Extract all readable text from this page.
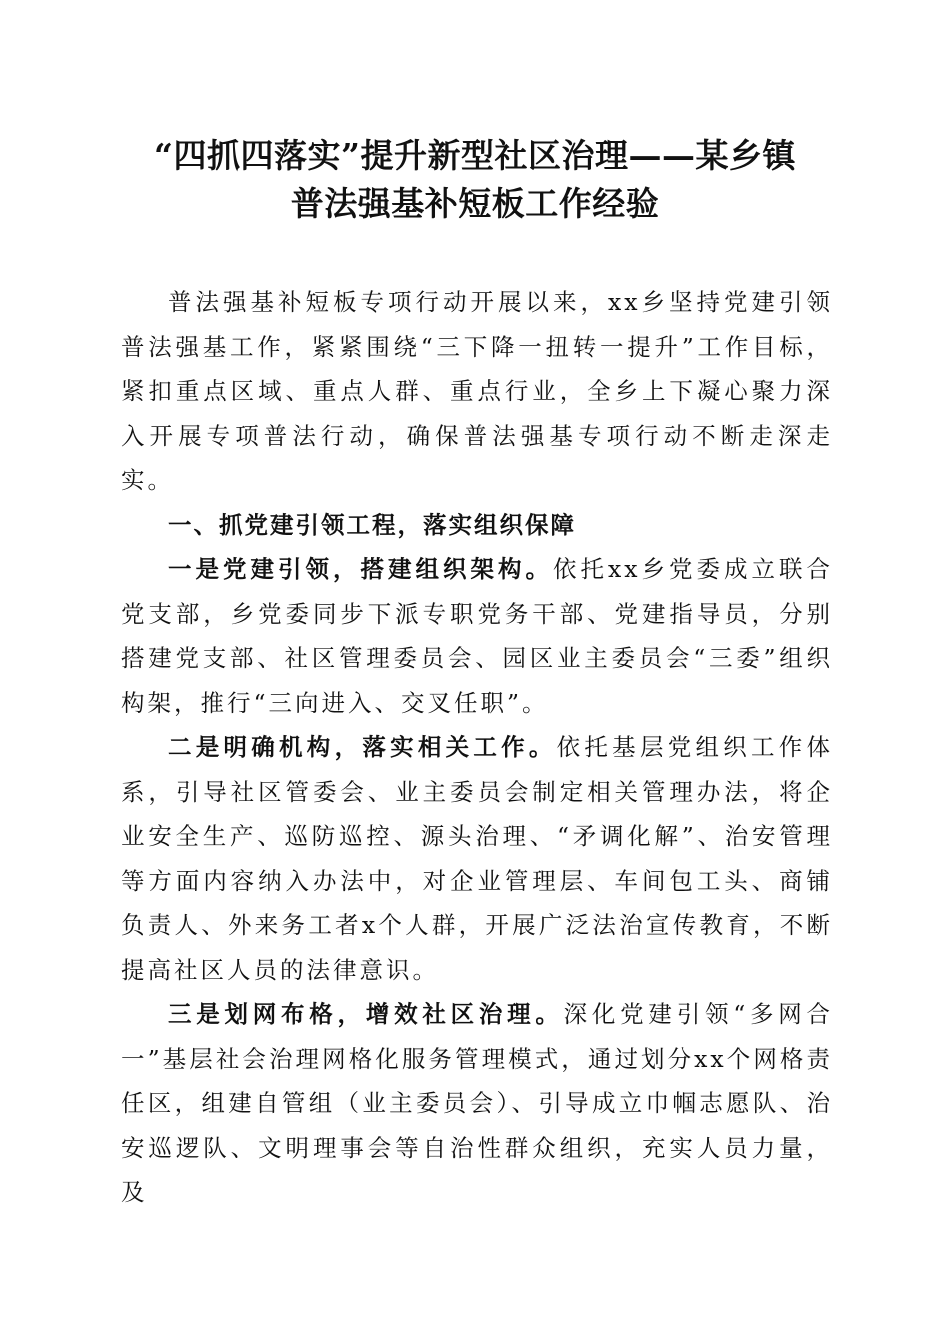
“四抓四落实”提升新型社区治理——某乡镇
普法强基补短板工作经验

普法强基补短板专项行动开展以来，xx乡坚持党建引领普法强基工作，紧紧围绕“三下降一扭转一提升”工作目标，紧扣重点区域、重点人群、重点行业，全乡上下凝心聚力深入开展专项普法行动，确保普法强基专项行动不断走深走实。

一、抓党建引领工程，落实组织保障

一是党建引领，搭建组织架构。依托xx乡党委成立联合党支部，乡党委同步下派专职党务干部、党建指导员，分别搭建党支部、社区管理委员会、园区业主委员会“三委”组织构架，推行“三向进入、交叉任职”。

二是明确机构，落实相关工作。依托基层党组织工作体系，引导社区管委会、业主委员会制定相关管理办法，将企业安全生产、巡防巡控、源头治理、“矛调化解”、治安管理等方面内容纳入办法中，对企业管理层、车间包工头、商铺负责人、外来务工者x个人群，开展广泛法治宣传教育，不断提高社区人员的法律意识。

三是划网布格，增效社区治理。深化党建引领“多网合一”基层社会治理网格化服务管理模式，通过划分xx个网格责任区，组建自管组（业主委员会）、引导成立巾帼志愿队、治安巡逻队、文明理事会等自治性群众组织，充实人员力量，及
